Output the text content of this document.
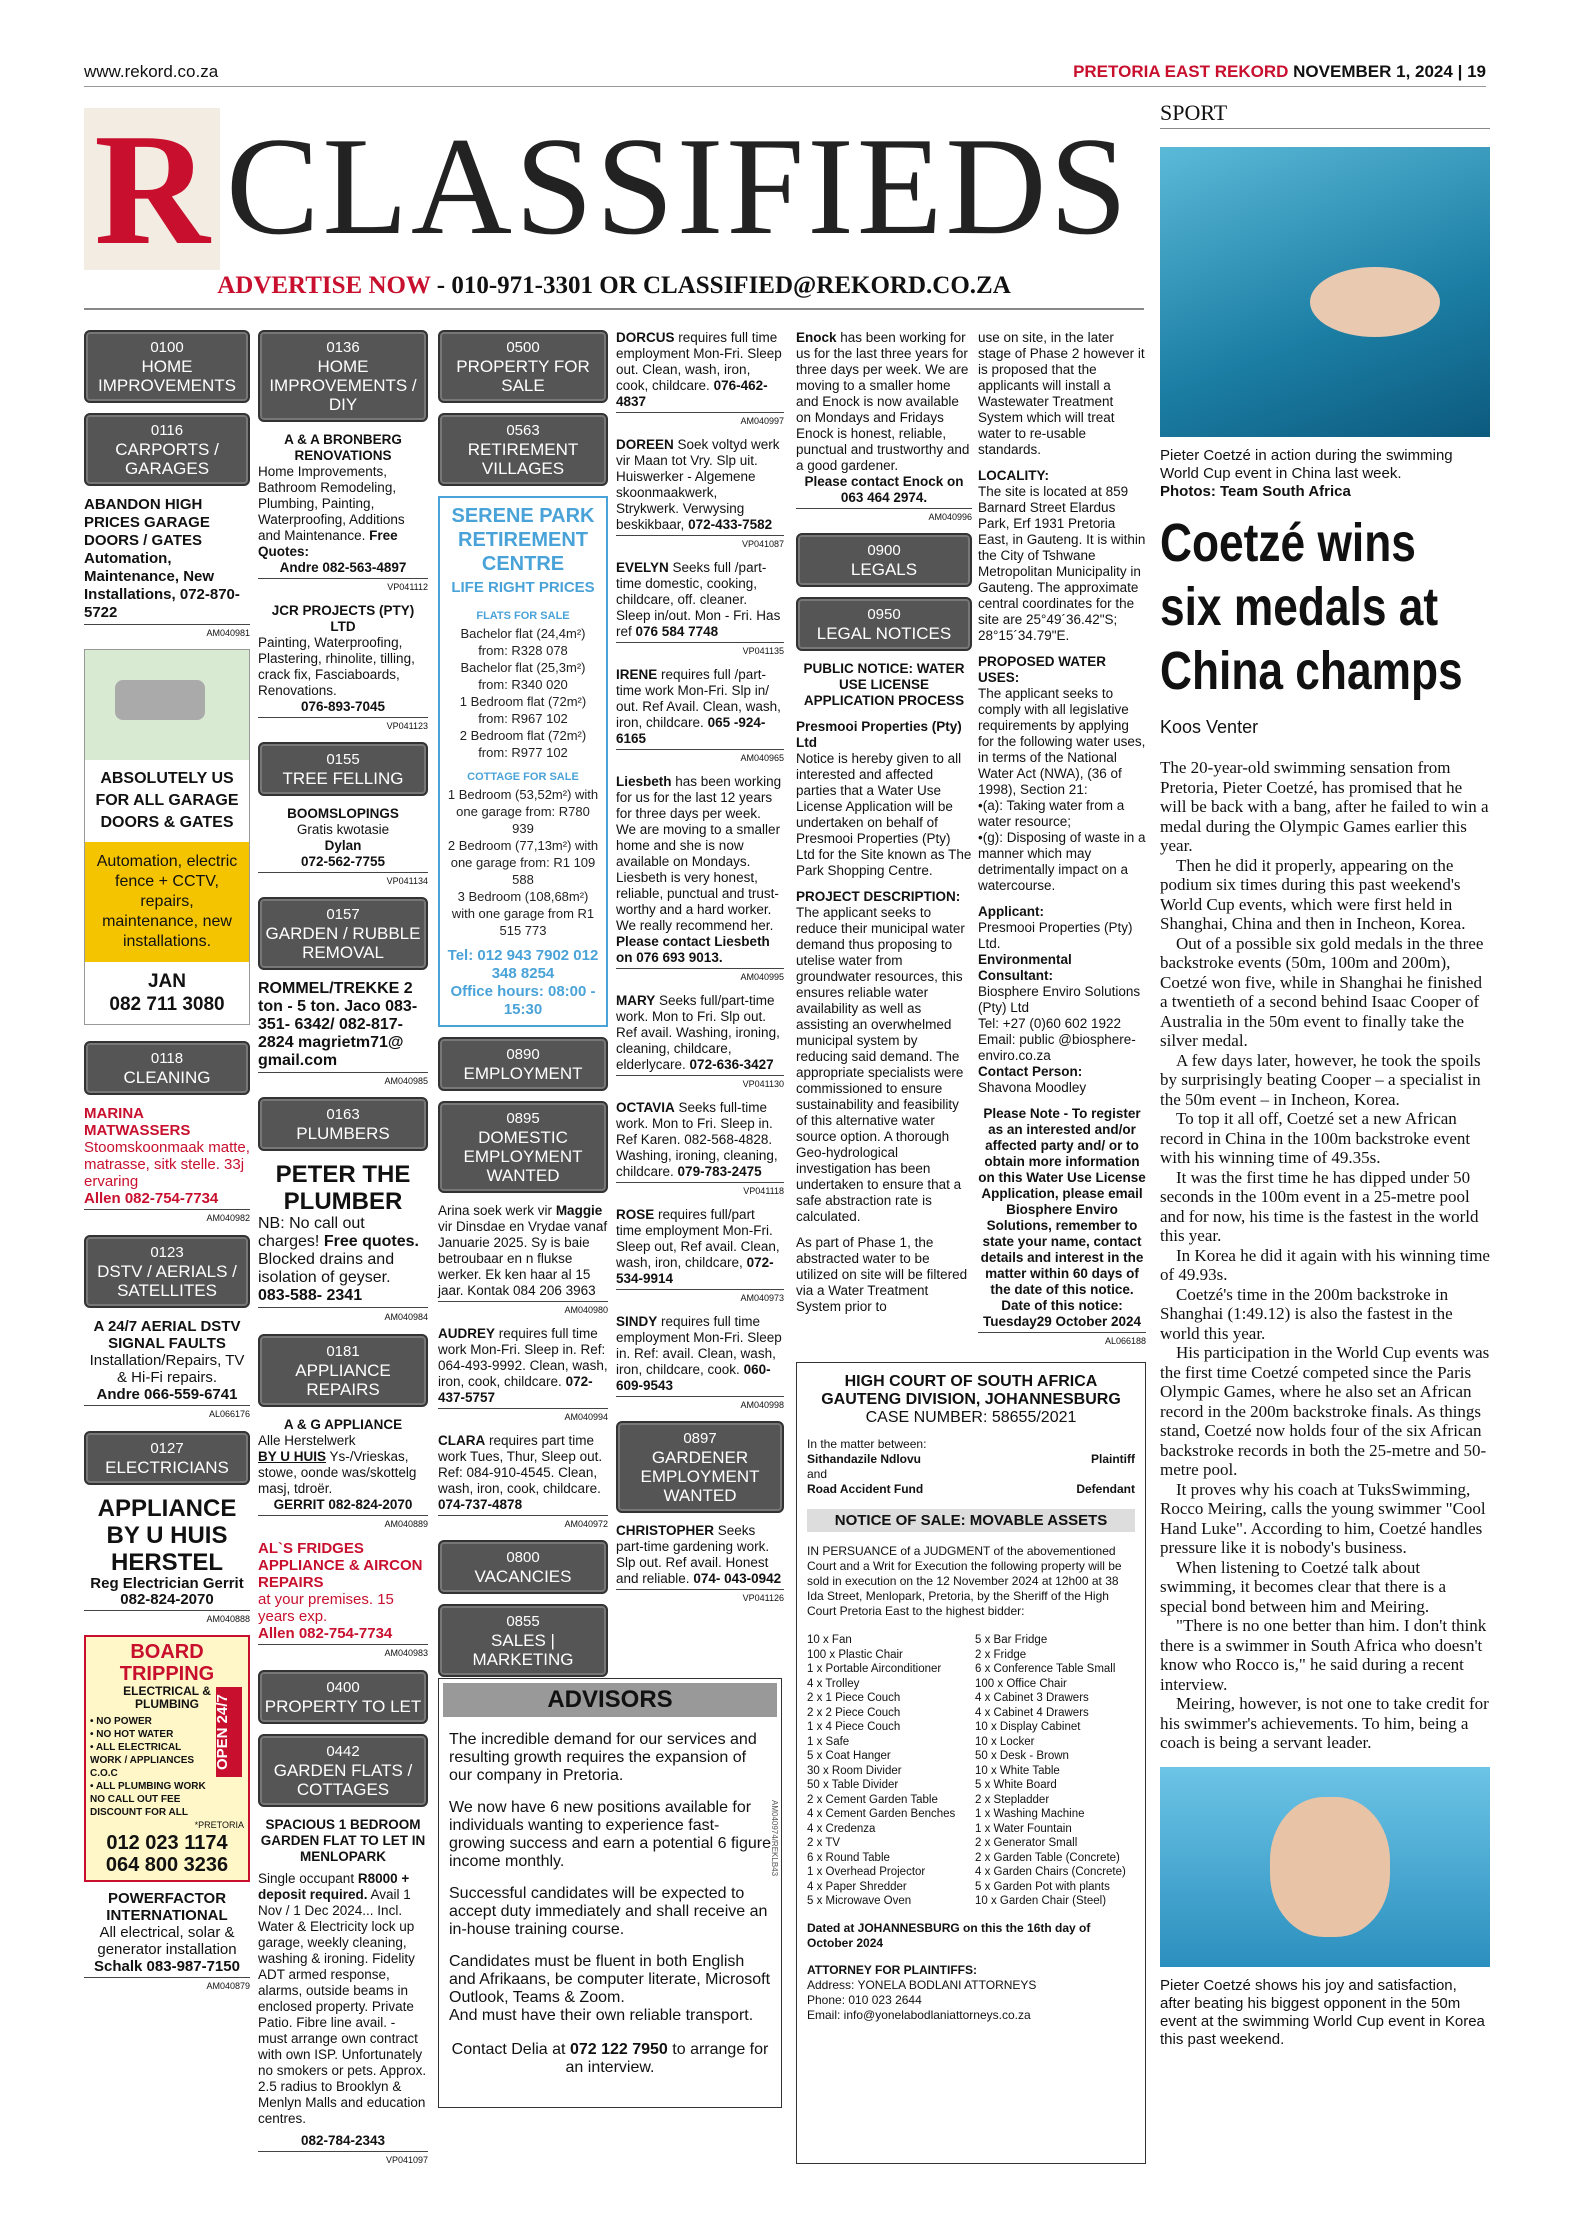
www.rekord.co.za	PRETORIA EAST REKORD NOVEMBER 1, 2024 | 19
R CLASSIFIEDS
ADVERTISE NOW - 010-971-3301 OR CLASSIFIED@REKORD.CO.ZA
0100
HOME IMPROVEMENTS
0116
CARPORTS / GARAGES
ABANDON HIGH PRICES GARAGE DOORS / GATES Automation, Maintenance, New Installations, 072-870-5722
AM040981
ABSOLUTELY US FOR ALL GARAGE DOORS & GATES
Automation, electric fence + CCTV, repairs, maintenance, new installations.
JAN
082 711 3080
0118
CLEANING
MARINA MATWASSERS
Stoomskoonmaak matte, matrasse, sitk stelle. 33j ervaring
Allen 082-754-7734
AM040982
0123
DSTV / AERIALS / SATELLITES
A 24/7 AERIAL DSTV SIGNAL FAULTS
Installation/Repairs, TV & Hi-Fi repairs.
Andre 066-559-6741
AL066176
0127
ELECTRICIANS
APPLIANCE BY U HUIS HERSTEL
Reg Electrician Gerrit 082-824-2070
AM040888
BOARD TRIPPING
ELECTRICAL & PLUMBING
• NO POWER
• NO HOT WATER
• ALL ELECTRICAL WORK / APPLIANCES
C.O.C
• ALL PLUMBING WORK
NO CALL OUT FEE
DISCOUNT FOR ALL
OPEN 24/7
*PRETORIA
012 023 1174
064 800 3236
POWERFACTOR INTERNATIONAL
All electrical, solar & generator installation
Schalk 083-987-7150
AM040879
0136
HOME IMPROVEMENTS / DIY
A & A BRONBERG RENOVATIONS
Home Improvements, Bathroom Remodeling, Plumbing, Painting, Waterproofing, Additions and Maintenance. Free Quotes:
Andre 082-563-4897
VP041112
JCR PROJECTS (PTY) LTD
Painting, Waterproofing, Plastering, rhinolite, tilling, crack fix, Fasciaboards, Renovations.
076-893-7045
VP041123
0155
TREE FELLING
BOOMSLOPINGS
Gratis kwotasie
Dylan
072-562-7755
VP041134
0157
GARDEN / RUBBLE REMOVAL
ROMMEL/TREKKE 2 ton - 5 ton. Jaco 083-351- 6342/ 082-817-2824 magrietm71@ gmail.com
AM040985
0163
PLUMBERS
PETER THE PLUMBER
NB: No call out charges! Free quotes. Blocked drains and isolation of geyser.
083-588- 2341
AM040984
0181
APPLIANCE REPAIRS
A & G APPLIANCE
Alle Herstelwerk
BY U HUIS Ys-/Vrieskas, stowe, oonde was/skottelg masj, tdroër.
GERRIT 082-824-2070
AM040889
AL`S FRIDGES APPLIANCE & AIRCON REPAIRS
at your premises. 15 years exp.
Allen 082-754-7734
AM040983
0400
PROPERTY TO LET
0442
GARDEN FLATS / COTTAGES
SPACIOUS 1 BEDROOM GARDEN FLAT TO LET IN MENLOPARK
Single occupant R8000 + deposit required. Avail 1 Nov / 1 Dec 2024... Incl. Water & Electricity lock up garage, weekly cleaning, washing & ironing. Fidelity ADT armed response, alarms, outside beams in enclosed property. Private Patio. Fibre line avail. - must arrange own contract with own ISP. Unfortunately no smokers or pets. Approx. 2.5 radius to Brooklyn & Menlyn Malls and education centres.
082-784-2343
VP041097
0500
PROPERTY FOR SALE
0563
RETIREMENT VILLAGES
SERENE PARK RETIREMENT CENTRE
LIFE RIGHT PRICES
FLATS FOR SALE
Bachelor flat (24,4m²) from: R328 078
Bachelor flat (25,3m²) from: R340 020
1 Bedroom flat (72m²) from: R967 102
2 Bedroom flat (72m²) from: R977 102
COTTAGE FOR SALE
1 Bedroom (53,52m²) with one garage from: R780 939
2 Bedroom (77,13m²) with one garage from: R1 109 588
3 Bedroom (108,68m²) with one garage from R1 515 773
Tel: 012 943 7902 012 348 8254
Office hours: 08:00 - 15:30
0890
EMPLOYMENT
0895
DOMESTIC EMPLOYMENT WANTED
Arina soek werk vir Maggie vir Dinsdae en Vrydae vanaf Januarie 2025. Sy is baie betroubaar en n flukse werker. Ek ken haar al 15 jaar. Kontak 084 206 3963
AM040980
AUDREY requires full time work Mon-Fri. Sleep in. Ref: 064-493-9992. Clean, wash, iron, cook, childcare. 072-437-5757
AM040994
CLARA requires part time work Tues, Thur, Sleep out. Ref: 084-910-4545. Clean, wash, iron, cook, childcare. 074-737-4878
AM040972
0800
VACANCIES
0855
SALES | MARKETING
DORCUS requires full time employment Mon-Fri. Sleep out. Clean, wash, iron, cook, childcare. 076-462-4837
AM040997
DOREEN Soek voltyd werk vir Maan tot Vry. Slp uit. Huiswerker - Algemene skoonmaakwerk, Strykwerk. Verwysing beskikbaar, 072-433-7582
VP041087
EVELYN Seeks full /part-time domestic, cooking, childcare, off. cleaner. Sleep in/out. Mon - Fri. Has ref 076 584 7748
VP041135
IRENE requires full /part-time work Mon-Fri. Slp in/ out. Ref Avail. Clean, wash, iron, childcare. 065 -924-6165
AM040965
Liesbeth has been working for us for the last 12 years for three days per week. We are moving to a smaller home and she is now available on Mondays. Liesbeth is very honest, reliable, punctual and trust-worthy and a hard worker. We really recommend her. Please contact Liesbeth on 076 693 9013.
AM040995
MARY Seeks full/part-time work. Mon to Fri. Slp out. Ref avail. Washing, ironing, cleaning, childcare, elderlycare. 072-636-3427
VP041130
OCTAVIA Seeks full-time work. Mon to Fri. Sleep in. Ref Karen. 082-568-4828. Washing, ironing, cleaning, childcare. 079-783-2475
VP041118
ROSE requires full/part time employment Mon-Fri. Sleep out, Ref avail. Clean, wash, iron, childcare, 072-534-9914
AM040973
SINDY requires full time employment Mon-Fri. Sleep in. Ref: avail. Clean, wash, iron, childcare, cook. 060-609-9543
AM040998
0897
GARDENER EMPLOYMENT WANTED
CHRISTOPHER Seeks part-time gardening work. Slp out. Ref avail. Honest and reliable. 074- 043-0942
VP041126
ADVISORS

The incredible demand for our services and resulting growth requires the expansion of our company in Pretoria.

We now have 6 new positions available for individuals wanting to experience fast-growing success and earn a potential 6 figure income monthly.

Successful candidates will be expected to accept duty immediately and shall receive an in-house training course.

Candidates must be fluent in both English and Afrikaans, be computer literate, Microsoft Outlook, Teams & Zoom.

And must have their own reliable transport.

Contact Delia at 072 122 7950 to arrange for an interview.

AM040974/REKLB43
Enock has been working for us for the last three years for three days per week. We are moving to a smaller home and Enock is now available on Mondays and Fridays Enock is honest, reliable, punctual and trustworthy and a good gardener.
Please contact Enock on 063 464 2974.
AM040996
0900
LEGALS
0950
LEGAL NOTICES
PUBLIC NOTICE: WATER USE LICENSE APPLICATION PROCESS
Presmooi Properties (Pty) Ltd
Notice is hereby given to all interested and affected parties that a Water Use License Application will be undertaken on behalf of Presmooi Properties (Pty) Ltd for the Site known as The Park Shopping Centre.
PROJECT DESCRIPTION:
The applicant seeks to reduce their municipal water demand thus proposing to utelise water from groundwater resources, this ensures reliable water availability as well as assisting an overwhelmed municipal system by reducing said demand. The appropriate specialists were commissioned to ensure sustainability and feasibility of this alternative water source option. A thorough Geo-hydrological investigation has been undertaken to ensure that a safe abstraction rate is calculated.
As part of Phase 1, the abstracted water to be utilized on site will be filtered via a Water Treatment System prior to
use on site, in the later stage of Phase 2 however it is proposed that the applicants will install a Wastewater Treatment System which will treat water to re-usable standards.
LOCALITY:
The site is located at 859 Barnard Street Elardus Park, Erf 1931 Pretoria East, in Gauteng. It is within the City of Tshwane Metropolitan Municipality in Gauteng. The approximate central coordinates for the site are 25°49´36.42"S; 28°15´34.79"E.
PROPOSED WATER USES:
The applicant seeks to comply with all legislative requirements by applying for the following water uses, in terms of the National Water Act (NWA), (36 of 1998), Section 21:
•(a): Taking water from a water resource;
•(g): Disposing of waste in a manner which may detrimentally impact on a watercourse.
Applicant:
Presmooi Properties (Pty) Ltd.
Environmental Consultant:
Biosphere Enviro Solutions (Pty) Ltd
Tel: +27 (0)60 602 1922
Email: public @biosphere-enviro.co.za
Contact Person:
Shavona Moodley
Please Note - To register as an interested and/or affected party and/ or to obtain more information on this Water Use License Application, please email Biosphere Enviro Solutions, remember to state your name, contact details and interest in the matter within 60 days of the date of this notice. Date of this notice: Tuesday29 October 2024
AL066188
HIGH COURT OF SOUTH AFRICA
GAUTENG DIVISION, JOHANNESBURG
CASE NUMBER: 58655/2021
In the matter between:
Sithandazile Ndlovu	Plaintiff
and
Road Accident Fund	Defendant
NOTICE OF SALE: MOVABLE ASSETS
IN PERSUANCE of a JUDGMENT of the abovementioned Court and a Writ for Execution the following property will be sold in execution on the 12 November 2024 at 12h00 at 38 Ida Street, Menlopark, Pretoria, by the Sheriff of the High Court Pretoria East to the highest bidder:
10 x Fan	5 x Bar Fridge
100 x Plastic Chair	2 x Fridge
1 x Portable Airconditioner	6 x Conference Table Small
4 x Trolley	100 x Office Chair
2 x 1 Piece Couch	4 x Cabinet 3 Drawers
2 x 2 Piece Couch	4 x Cabinet 4 Drawers
1 x 4 Piece Couch	10 x Display Cabinet
1 x Safe	10 x Locker
5 x Coat Hanger	50 x Desk - Brown
30 x Room Divider	10 x White Table
50 x Table Divider	5 x White Board
2 x Cement Garden Table	2 x Stepladder
4 x Cement Garden Benches	1 x Washing Machine
4 x Credenza	1 x Water Fountain
2 x TV	2 x Generator Small
6 x Round Table	2 x Garden Table (Concrete)
1 x Overhead Projector	4 x Garden Chairs (Concrete)
4 x Paper Shredder	5 x Garden Pot with plants
5 x Microwave Oven	10 x Garden Chair (Steel)
Dated at JOHANNESBURG on this the 16th day of October 2024
ATTORNEY FOR PLAINTIFFS:
Address: YONELA BODLANI ATTORNEYS
Phone: 010 023 2644
Email: info@yonelabodlaniattorneys.co.za
SPORT
Pieter Coetzé in action during the swimming World Cup event in China last week.
Photos: Team South Africa
Coetzé wins six medals at China champs
Koos Venter

The 20-year-old swimming sensation from Pretoria, Pieter Coetzé, has promised that he will be back with a bang, after he failed to win a medal during the Olympic Games earlier this year.

Then he did it properly, appearing on the podium six times during this past weekend's World Cup events, which were first held in Shanghai, China and then in Incheon, Korea.

Out of a possible six gold medals in the three backstroke events (50m, 100m and 200m), Coetzé won five, while in Shanghai he finished a twentieth of a second behind Isaac Cooper of Australia in the 50m event to finally take the silver medal.

A few days later, however, he took the spoils by surprisingly beating Cooper – a specialist in the 50m event – in Incheon, Korea.

To top it all off, Coetzé set a new African record in China in the 100m backstroke event with his winning time of 49.35s.

It was the first time he has dipped under 50 seconds in the 100m event in a 25-metre pool and for now, his time is the fastest in the world this year.

In Korea he did it again with his winning time of 49.93s.

Coetzé's time in the 200m backstroke in Shanghai (1:49.12) is also the fastest in the world this year.

His participation in the World Cup events was the first time Coetzé competed since the Paris Olympic Games, where he also set an African record in the 200m backstroke finals. As things stand, Coetzé now holds four of the six African backstroke records in both the 25-metre and 50-metre pool.

It proves why his coach at TuksSwimming, Rocco Meiring, calls the young swimmer "Cool Hand Luke". According to him, Coetzé handles pressure like it is nobody's business.

When listening to Coetzé talk about swimming, it becomes clear that there is a special bond between him and Meiring.

"There is no one better than him. I don't think there is a swimmer in South Africa who doesn't know who Rocco is," he said during a recent interview.

Meiring, however, is not one to take credit for his swimmer's achievements. To him, being a coach is being a servant leader.

Pieter Coetzé shows his joy and satisfaction, after beating his biggest opponent in the 50m event at the swimming World Cup event in Korea this past weekend.
